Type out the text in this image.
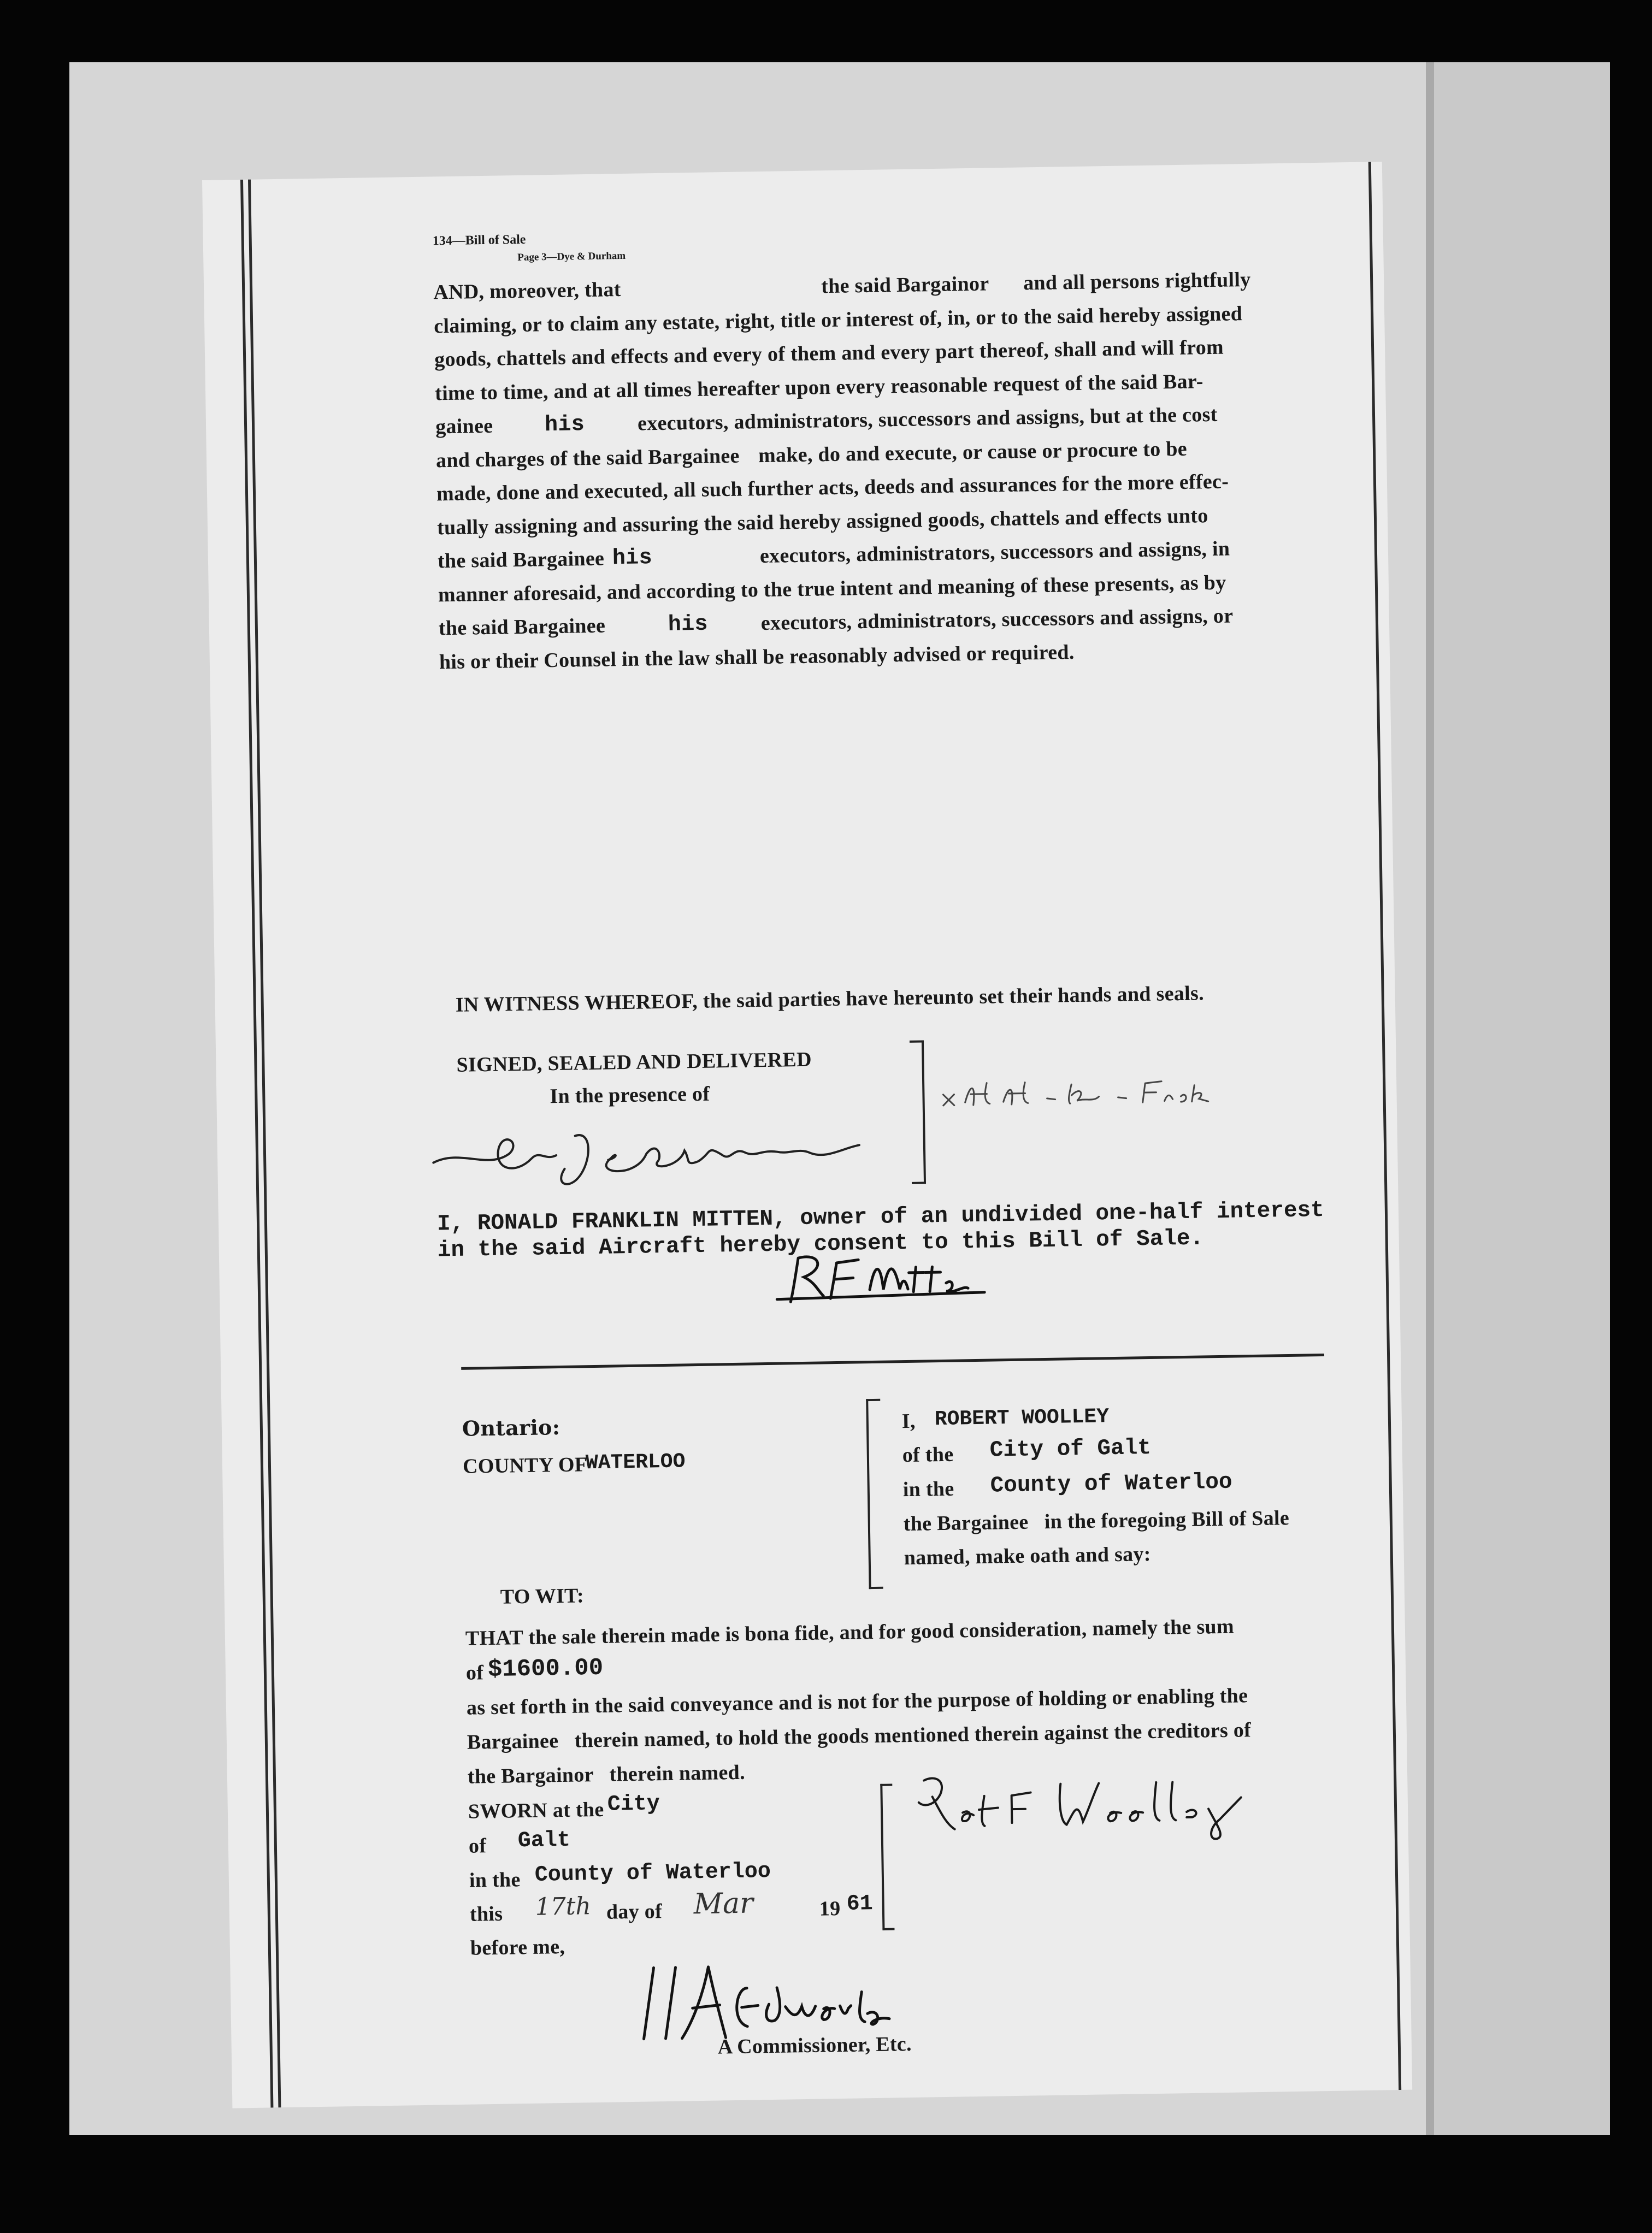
134—Bill of Sale
Page 3—Dye & Durham
AND, moreover, that	the said Bargainor and all persons rightfully
claiming, or to claim any estate, right, title or interest of, in, or to the said hereby assigned
goods, chattels and effects and every of them and every part thereof, shall and will from
time to time, and at all times hereafter upon every reasonable request of the said Bar-
gainee his	executors, administrators, successors and assigns, but at the cost
and charges of the said Bargainee make, do and execute, or cause or procure to be
made, done and executed, all such further acts, deeds and assurances for the more effec-
tually assigning and assuring the said hereby assigned goods, chattels and effects unto
the said Bargainee his	executors, administrators, successors and assigns, in
manner aforesaid, and according to the true intent and meaning of these presents, as by
the said Bargainee	his	executors, administrators, successors and assigns, or
his or their Counsel in the law shall be reasonably advised or required.
IN WITNESS WHEREOF, the said parties have hereunto set their hands and seals.
SIGNED, SEALED AND DELIVERED
In the presence of
I, RONALD FRANKLIN MITTEN, owner of an undivided one-half interest
in the said Aircraft hereby consent to this Bill of Sale.
Ontario:
COUNTY OF
WATERLOO
TO WIT:
I, ROBERT WOOLLEY
of the City of Galt
in the County of Waterloo
the Bargainee   in the foregoing Bill of Sale
named, make oath and say:
THAT the sale therein made is bona fide, and for good consideration, namely the sum
of $1600.00
as set forth in the said conveyance and is not for the purpose of holding or enabling the
Bargainee   therein named, to hold the goods mentioned therein against the creditors of
the Bargainor   therein named.
SWORN at the City
of Galt
in the County of Waterloo
this 17th day of Mar	19 61
before me,
A Commissioner, Etc.
